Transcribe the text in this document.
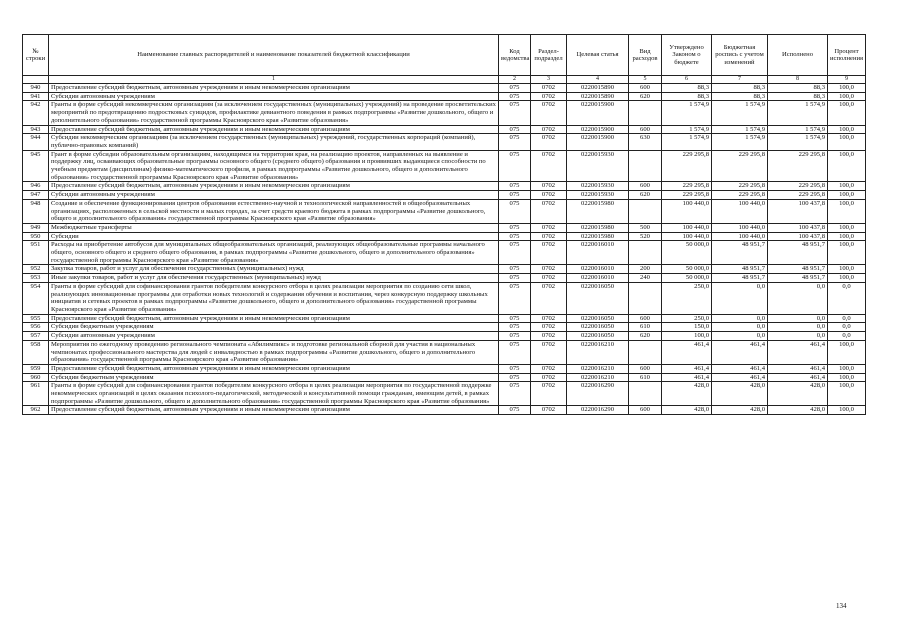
№ строки	Наименование главных распорядителей и наименование показателей бюджетной классификации	Код ведомства	Раздел-подраздел	Целевая статья	Вид расходов	Утверждено Законом о бюджете	Бюджетная роспись с учетом изменений	Исполнено	Процент исполнения
	1	2	3	4	5	6	7	8	9
940	Предоставление субсидий бюджетным, автономным учреждениям и иным некоммерческим организациям	075	0702	0220015890	600	88,3	88,3	88,3	100,0
941	Субсидии автономным учреждениям	075	0702	0220015890	620	88,3	88,3	88,3	100,0
942	Гранты в форме субсидий некоммерческим организациям (за исключением государственных (муниципальных) учреждений) на проведение просветительских мероприятий по предотвращению подростковых суицидов, профилактике девиантного поведения в рамках подпрограммы «Развитие дошкольного, общего и дополнительного образования» государственной программы Красноярского края «Развитие образования»	075	0702	0220015900		1 574,9	1 574,9	1 574,9	100,0
943	Предоставление субсидий бюджетным, автономным учреждениям и иным некоммерческим организациям	075	0702	0220015900	600	1 574,9	1 574,9	1 574,9	100,0
944	Субсидии некоммерческим организациям (за исключением государственных (муниципальных) учреждений, государственных корпораций (компаний), публично-правовых компаний)	075	0702	0220015900	630	1 574,9	1 574,9	1 574,9	100,0
945	Грант в форме субсидии образовательным организациям, находящимся на территории края, на реализацию проектов, направленных на выявление и поддержку лиц, осваивающих образовательные программы основного общего (среднего общего) образования и проявивших выдающиеся способности по учебным предметам (дисциплинам) физико-математического профиля, в рамках подпрограммы «Развитие дошкольного, общего и дополнительного образования» государственной программы Красноярского края «Развитие образования»	075	0702	0220015930		229 295,8	229 295,8	229 295,8	100,0
946	Предоставление субсидий бюджетным, автономным учреждениям и иным некоммерческим организациям	075	0702	0220015930	600	229 295,8	229 295,8	229 295,8	100,0
947	Субсидии автономным учреждениям	075	0702	0220015930	620	229 295,8	229 295,8	229 295,8	100,0
948	Создание и обеспечение функционирования центров образования естественно-научной и технологической направленностей в общеобразовательных организациях, расположенных в сельской местности и малых городах, за счет средств краевого бюджета в рамках подпрограммы «Развитие дошкольного, общего и дополнительного образования» государственной программы Красноярского края «Развитие образования»	075	0702	0220015980		100 440,0	100 440,0	100 437,8	100,0
949	Межбюджетные трансферты	075	0702	0220015980	500	100 440,0	100 440,0	100 437,8	100,0
950	Субсидии	075	0702	0220015980	520	100 440,0	100 440,0	100 437,8	100,0
951	Расходы на приобретение автобусов для муниципальных общеобразовательных организаций, реализующих общеобразовательные программы начального общего, основного общего и среднего общего образования, в рамках подпрограммы «Развитие дошкольного, общего и дополнительного образования» государственной программы Красноярского края «Развитие образования»	075	0702	0220016010		50 000,0	48 951,7	48 951,7	100,0
952	Закупка товаров, работ и услуг для обеспечения государственных (муниципальных) нужд	075	0702	0220016010	200	50 000,0	48 951,7	48 951,7	100,0
953	Иные закупки товаров, работ и услуг для обеспечения государственных (муниципальных) нужд	075	0702	0220016010	240	50 000,0	48 951,7	48 951,7	100,0
954	Гранты в форме субсидий для софинансирования грантов победителям конкурсного отбора в целях реализации мероприятия по созданию сети школ, реализующих инновационные программы для отработки новых технологий и содержания обучения и воспитания, через конкурсную поддержку школьных инициатив и сетевых проектов в рамках подпрограммы «Развитие дошкольного, общего и дополнительного образования» государственной программы Красноярского края «Развитие образования»	075	0702	0220016050		250,0	0,0	0,0	0,0
955	Предоставление субсидий бюджетным, автономным учреждениям и иным некоммерческим организациям	075	0702	0220016050	600	250,0	0,0	0,0	0,0
956	Субсидии бюджетным учреждениям	075	0702	0220016050	610	150,0	0,0	0,0	0,0
957	Субсидии автономным учреждениям	075	0702	0220016050	620	100,0	0,0	0,0	0,0
958	Мероприятия по ежегодному проведению регионального чемпионата «Абилимпикс» и подготовке региональной сборной для участия в национальных чемпионатах профессионального мастерства для людей с инвалидностью в рамках подпрограммы «Развитие дошкольного, общего и дополнительного образования» государственной программы Красноярского края «Развитие образования»	075	0702	0220016210		461,4	461,4	461,4	100,0
959	Предоставление субсидий бюджетным, автономным учреждениям и иным некоммерческим организациям	075	0702	0220016210	600	461,4	461,4	461,4	100,0
960	Субсидии бюджетным учреждениям	075	0702	0220016210	610	461,4	461,4	461,4	100,0
961	Гранты в форме субсидий для софинансирования грантов победителям конкурсного отбора в целях реализации мероприятия по государственной поддержке некоммерческих организаций в целях оказания психолого-педагогической, методической и консультативной помощи гражданам, имеющим детей, в рамках подпрограммы «Развитие дошкольного, общего и дополнительного образования» государственной программы Красноярского края «Развитие образования»	075	0702	0220016290		428,0	428,0	428,0	100,0
962	Предоставление субсидий бюджетным, автономным учреждениям и иным некоммерческим организациям	075	0702	0220016290	600	428,0	428,0	428,0	100,0
134
